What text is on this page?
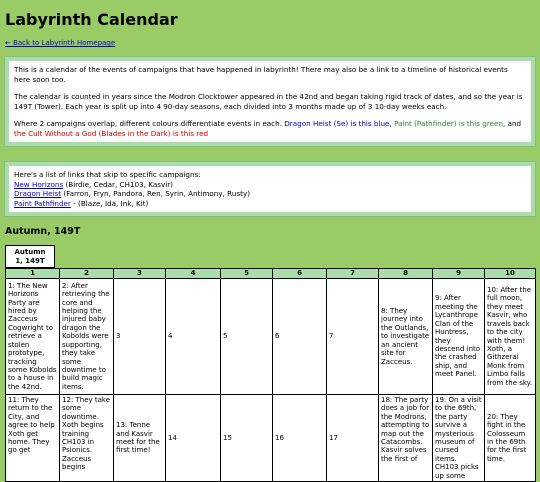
Labyrinth Calendar
← Back to Labyrinth Homepage

This is a calendar of the events of campaigns that have happened in labyrinth! There may also be a link to a timeline of historical events here soon too.

The calendar is counted in years since the Modron Clocktower appeared in the 42nd and began taking rigid track of dates, and so the year is 149T (Tower). Each year is split up into 4 90-day seasons, each divided into 3 months made up of 3 10-day weeks each.

Where 2 campaigns overlap, different colours differentiate events in each. Dragon Heist (Se) is this blue, Paint (Pathfinder) is this green, and the Cult Without a God (Blades in the Dark) is this red

Here's a list of links that skip to specific campaigns:
New Horizons (Birdie, Cedar, CH103, Kasvir)
Dragon Heist (Farron, Fryn, Pandora, Ren, Syrin, Antimony, Rusty)
Paint Pathfinder - (Blaze, Ida, Ink, Kit)
Autumn, 149T
Autumn 1, 149T
1	2	3	4	5	6	7	8	9	10
1: The New Horizons Party are hired by Zacceus Cogwright to retrieve a stolen prototype, tracking some Kobolds to a house in the 42nd.	2: After retrieving the core and helping the injured baby dragon the Kobolds were supporting, they take some downtime to build magic items.	3	4	5	6	7	8: They journey into the Outlands, to investigate an ancient site for Zacceus.	9: After meeting the Lycanthrope Clan of the Huntress, they descend into the crashed ship, and meet Panel.	10: After the full moon, they meet Kasvir, who travels back to the city with them! Xoth, a Githzerai Monk from Limbo falls from the sky.
11: They return to the City, and agree to help Xoth get home. They go get	12: They take some downtime. Xoth begins training CH103 in Psionics. Zacceus begins	13: Tenne and Kasvir meet for the first time!	14	15	16	17	18: The party does a job for the Modrons, attempting to map out the Catacombs. Kasvir solves the first of	19: On a visit to the 69th, the party survive a mysterious museum of cursed items. CH103 picks up some	20: They fight in the Colosseum in the 69th for the first time.
